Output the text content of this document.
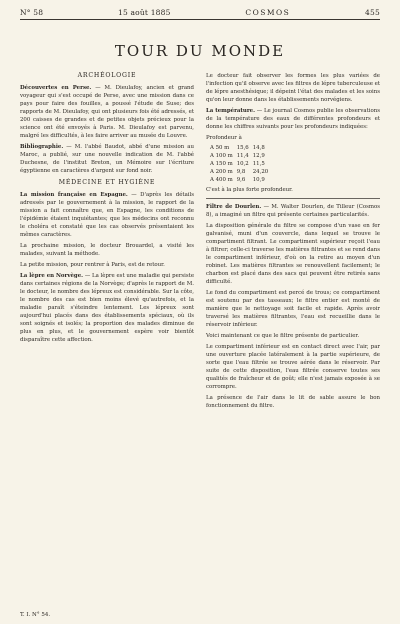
N° 58	15 août 1885	COSMOS	455
TOUR DU MONDE
ARCHÉOLOGIE

Découvertes en Perse. — M. Dieulafoy, ancien et grand voyageur qui s'est occupé de Perse, avec une mission dans ce pays pour faire des fouilles, a poussé l'étude de Suse; des rapports de M. Dieulafoy, qui ont plusieurs fois été adressés, et 200 caisses de grandes et de petites objets précieux pour la science ont été envoyés à Paris. M. Dieulafoy est parvenu, malgré les difficultés, à les faire arriver au musée du Louvre.

Bibliographie. — M. l'abbé Baudot, abbé d'une mission au Maroc, a publié, sur une nouvelle indication de M. l'abbé Duchesne, de l'institut Breton, un Mémoire sur l'écriture égyptienne en caractères d'argent sur fond noir.

MÉDECINE ET HYGIÈNE

La mission française en Espagne. — D'après les détails adressés par le gouvernement à la mission, le rapport de la mission a fait connaître que, en Espagne, les conditions de l'épidémie étaient inquiétantes; que les médecins ont reconnu le choléra et constaté que les cas observés présentaient les mêmes caractères.

La prochaine mission, le docteur Brouardel, a visité les malades, suivant la méthode.

La petite mission, pour rentrer à Paris, est de retour.

La lèpre en Norvège. — La lèpre est une maladie qui persiste dans certaines régions de la Norvège; d'après le rapport de M. le docteur, le nombre des lépreux est considérable. Sur la côte, le nombre des cas est bien moins élevé qu'autrefois, et la maladie paraît s'éteindre lentement. Les lépreux sont aujourd'hui placés dans des établissements spéciaux, où ils sont soignés et isolés; la proportion des malades diminue de plus en plus, et le gouvernement espère voir bientôt disparaître cette affection.

Le docteur fait observer les formes les plus variées de l'infection qu'il observe avec les filtres de lépre tuberculeuse et de lépre anesthésique; il dépeint l'état des malades et les soins qu'on leur donne dans les établissements norvégiens.

La température. — Le journal Cosmos publie les observations de la température des eaux de différentes profondeurs et donne les chiffres suivants pour les profondeurs indiquées:

Profondeur à
A 50 m	15,6	14,8
A 100 m	11,4	12,9
A 150 m	10,2	11,5
A 200 m	9,8	24,20
A 400 m	9,6	10,9

C'est à la plus forte profondeur.

Filtre de Dourlen. — M. Walter Dourlen, de Tilleur (Cosmos 8), a imaginé un filtre qui présente certaines particularités.

La disposition générale du filtre se compose d'un vase en fer galvanisé, muni d'un couvercle, dans lequel se trouve le compartiment filtrant. Le compartiment supérieur reçoit l'eau à filtrer; celle-ci traverse les matières filtrantes et se rend dans le compartiment inférieur, d'où on la retire au moyen d'un robinet. Les matières filtrantes se renouvellent facilement; le charbon est placé dans des sacs qui peuvent être retirés sans difficulté.

Le fond du compartiment est percé de trous; ce compartiment est soutenu par des tasseaux; le filtre entier est monté de manière que le nettoyage soit facile et rapide. Après avoir traversé les matières filtrantes, l'eau est recueillie dans le réservoir inférieur.

Voici maintenant ce que le filtre présente de particulier.

Le compartiment inférieur est en contact direct avec l'air, par une ouverture placée latéralement à la partie supérieure, de sorte que l'eau filtrée se trouve aérée dans le réservoir. Par suite de cette disposition, l'eau filtrée conserve toutes ses qualités de fraîcheur et de goût; elle n'est jamais exposée à se corrompre.

La présence de l'air dans le lit de sable assure le bon fonctionnement du filtre.

T. I. N° 54.
